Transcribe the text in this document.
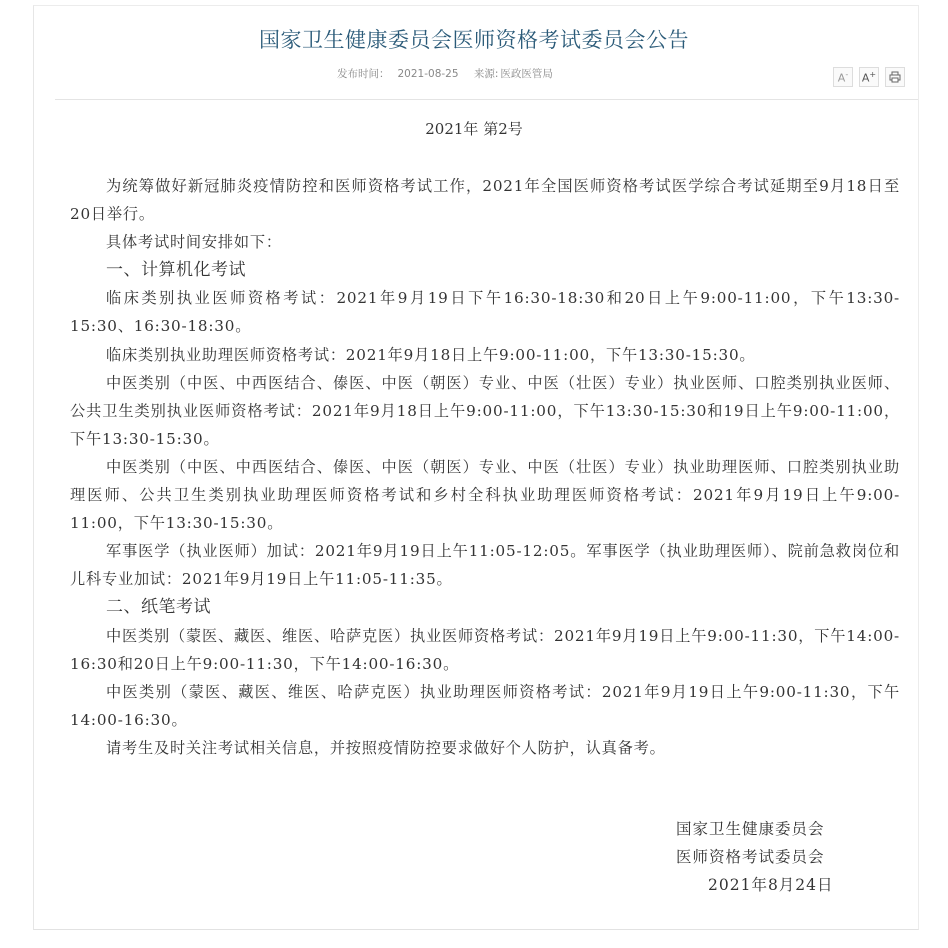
国家卫生健康委员会医师资格考试委员会公告
发布时间： 2021-08-25 来源: 医政医管局	A- A+
2021年 第2号

为统筹做好新冠肺炎疫情防控和医师资格考试工作，2021年全国医师资格考试医学综合考试延期至9月18日至20日举行。

具体考试时间安排如下：

一、计算机化考试

临床类别执业医师资格考试：2021年9月19日下午16:30-18:30和20日上午9:00-11:00，下午13:30-15:30、16:30-18:30。

临床类别执业助理医师资格考试：2021年9月18日上午9:00-11:00，下午13:30-15:30。

中医类别（中医、中西医结合、傣医、中医（朝医）专业、中医（壮医）专业）执业医师、口腔类别执业医师、公共卫生类别执业医师资格考试：2021年9月18日上午9:00-11:00，下午13:30-15:30和19日上午9:00-11:00，下午13:30-15:30。

中医类别（中医、中西医结合、傣医、中医（朝医）专业、中医（壮医）专业）执业助理医师、口腔类别执业助理医师、公共卫生类别执业助理医师资格考试和乡村全科执业助理医师资格考试：2021年9月19日上午9:00-11:00，下午13:30-15:30。

军事医学（执业医师）加试：2021年9月19日上午11:05-12:05。军事医学（执业助理医师）、院前急救岗位和儿科专业加试：2021年9月19日上午11:05-11:35。

二、纸笔考试

中医类别（蒙医、藏医、维医、哈萨克医）执业医师资格考试：2021年9月19日上午9:00-11:30，下午14:00-16:30和20日上午9:00-11:30，下午14:00-16:30。

中医类别（蒙医、藏医、维医、哈萨克医）执业助理医师资格考试：2021年9月19日上午9:00-11:30，下午14:00-16:30。

请考生及时关注考试相关信息，并按照疫情防控要求做好个人防护，认真备考。

国家卫生健康委员会
医师资格考试委员会
2021年8月24日
